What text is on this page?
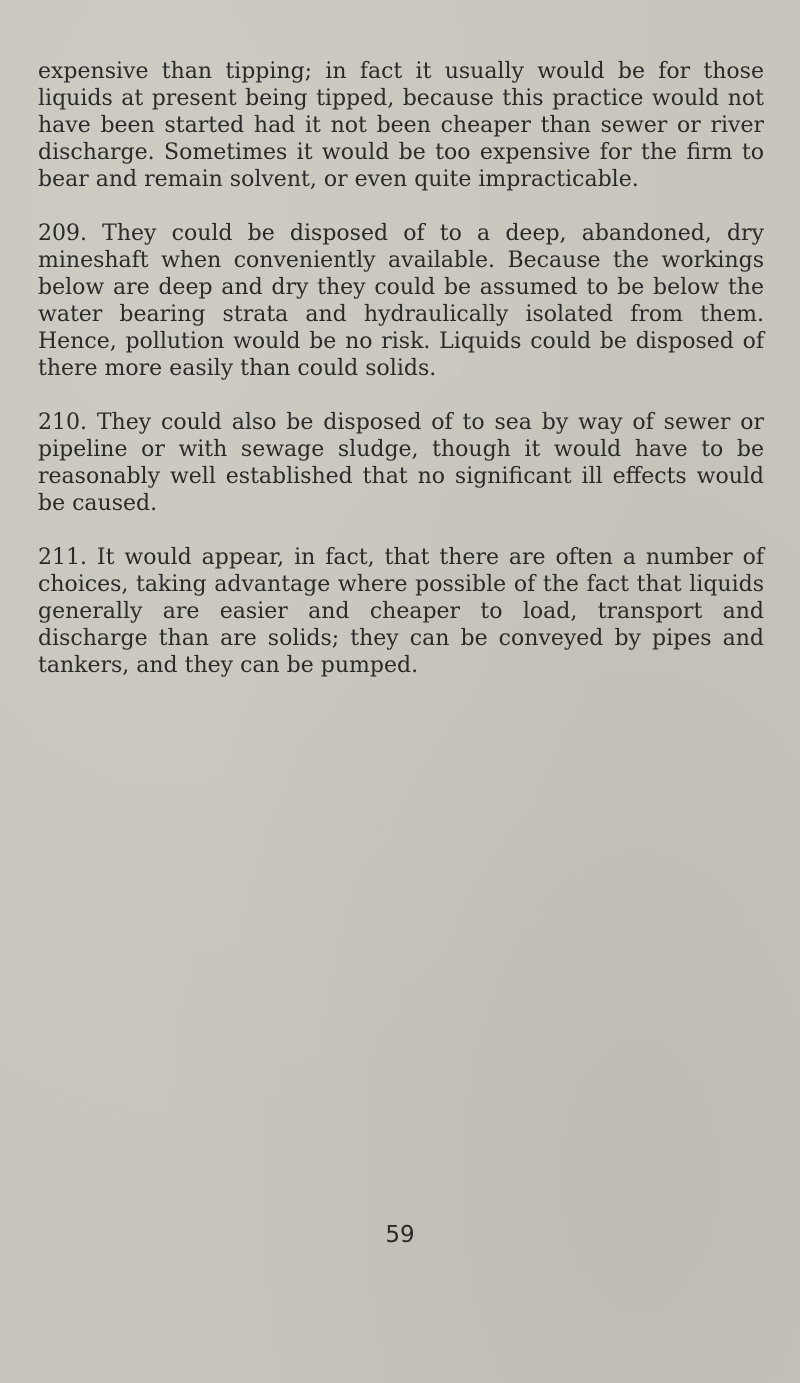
expensive than tipping; in fact it usually would be for those liquids at present being tipped, because this practice would not have been started had it not been cheaper than sewer or river discharge. Sometimes it would be too expensive for the firm to bear and remain solvent, or even quite impracticable.

209. They could be disposed of to a deep, abandoned, dry mineshaft when conveniently available. Because the workings below are deep and dry they could be assumed to be below the water bearing strata and hydraulically isolated from them. Hence, pollution would be no risk. Liquids could be disposed of there more easily than could solids.

210. They could also be disposed of to sea by way of sewer or pipeline or with sewage sludge, though it would have to be reasonably well established that no significant ill effects would be caused.

211. It would appear, in fact, that there are often a number of choices, taking advantage where possible of the fact that liquids generally are easier and cheaper to load, transport and discharge than are solids; they can be conveyed by pipes and tankers, and they can be pumped.

59
